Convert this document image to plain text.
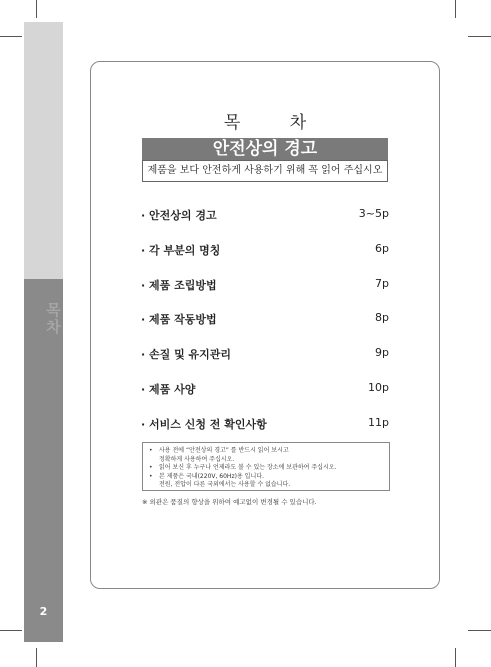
목차
2
목 차
안전상의 경고
제품을 보다 안전하게 사용하기 위해 꼭 읽어 주십시오
· 안전상의 경고	3~5p
· 각 부분의 명칭	6p
· 제품 조립방법	7p
· 제품 작동방법	8p
· 손질 및 유지관리	9p
· 제품 사양	10p
· 서비스 신청 전 확인사항	11p
• 사용 전에 “안전상의 경고” 를 반드시 읽어 보시고
정확하게 사용하여 주십시오.
• 읽어 보신 후 누구나 언제라도 볼 수 있는 장소에 보관하여 주십시오.
• 본 제품은 국내(220V, 60Hz)용 입니다.
전원, 전압이 다른 국외에서는 사용할 수 없습니다.
※ 외관은 품질의 향상을 위하여 예고없이 변경될 수 있습니다.
